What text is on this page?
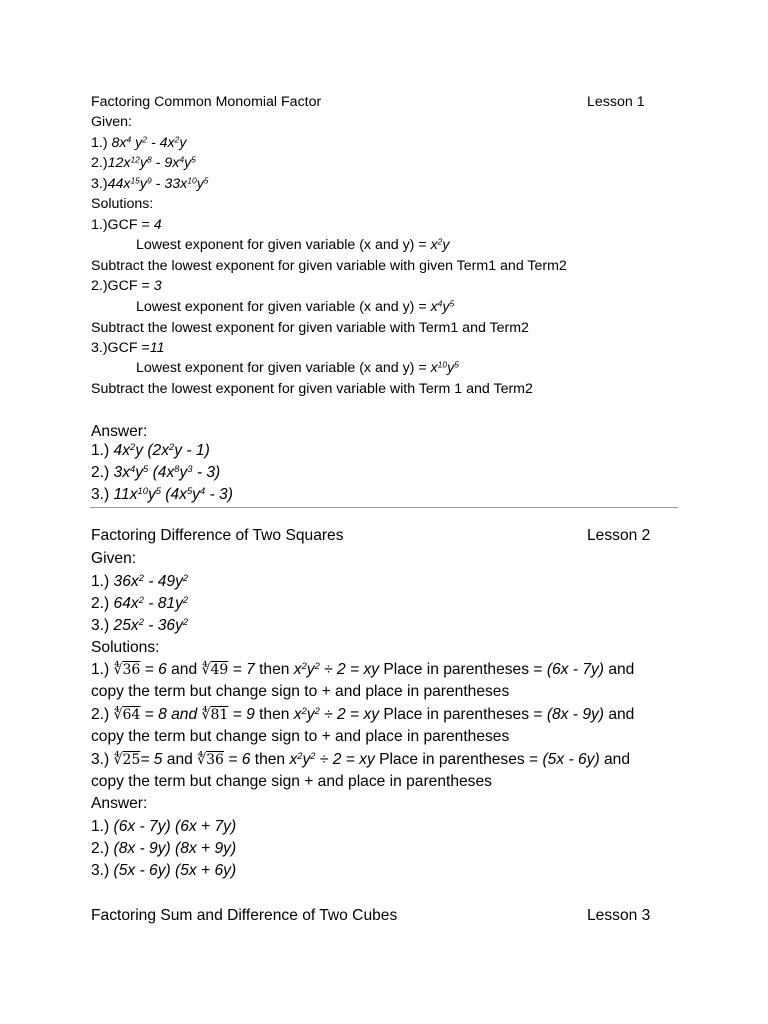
Factoring Common Monomial Factor	Lesson 1
Given:
1.) $8x^4$ $y^2 - 4x^2y$
$2.)12x^{12}y^8 - 9x^4y^5$
$3.)44x^{15}y^9 - 33x^{10}y^5$
Solutions:
1.)GCF = 4
Lowest exponent for given variable (x and $y) = x^2y$
Subtract the lowest exponent for given variable with given Term1 and Term2
2.)GCF = 3
Lowest exponent for given variable (x and $y) = x^4y^5$
Subtract the lowest exponent for given variable with Term1 and Term2
3.)GCF =11
Lowest exponent for given variable (x and $y) = x^{10}y^5$
Subtract the lowest exponent for given variable with Term 1 and Term2
Answer:
1.) $4x^2y$ $(2x^2y - 1)$
2.) $3x^4y^5$ $(4x^8y^3 - 3)$
3.) $11x^{10}y^5$ $(4x^5y^4 - 3)$
Factoring Difference of Two Squares	Lesson 2
Given:
1.) $36x^2 - 49y^2$
2.) $64x^2 - 81y^2$
3.) $25x^2 - 36y^2$
Solutions:
1.) ∜36 = 6 and ∜49 = 7 then $x^2y^2 \div 2$ = xy Place in parentheses = (6x - 7y) and
copy the term but change sign to + and place in parentheses
2.) ∜64 = 8 and ∜81 = 9 then $x^2y^2 \div 2$ = xy Place in parentheses = (8x - 9y) and
copy the term but change sign to + and place in parentheses
3.) ∜25= 5 and ∜36 = 6 then $x^2y^2 \div 2$ = xy Place in parentheses = (5x - 6y) and
copy the term but change sign + and place in parentheses
Answer:
1.) (6x - 7y) (6x + 7y)
2.) (8x - 9y) (8x + 9y)
3.) (5x - 6y) (5x + 6y)
Factoring Sum and Difference of Two Cubes	Lesson 3
